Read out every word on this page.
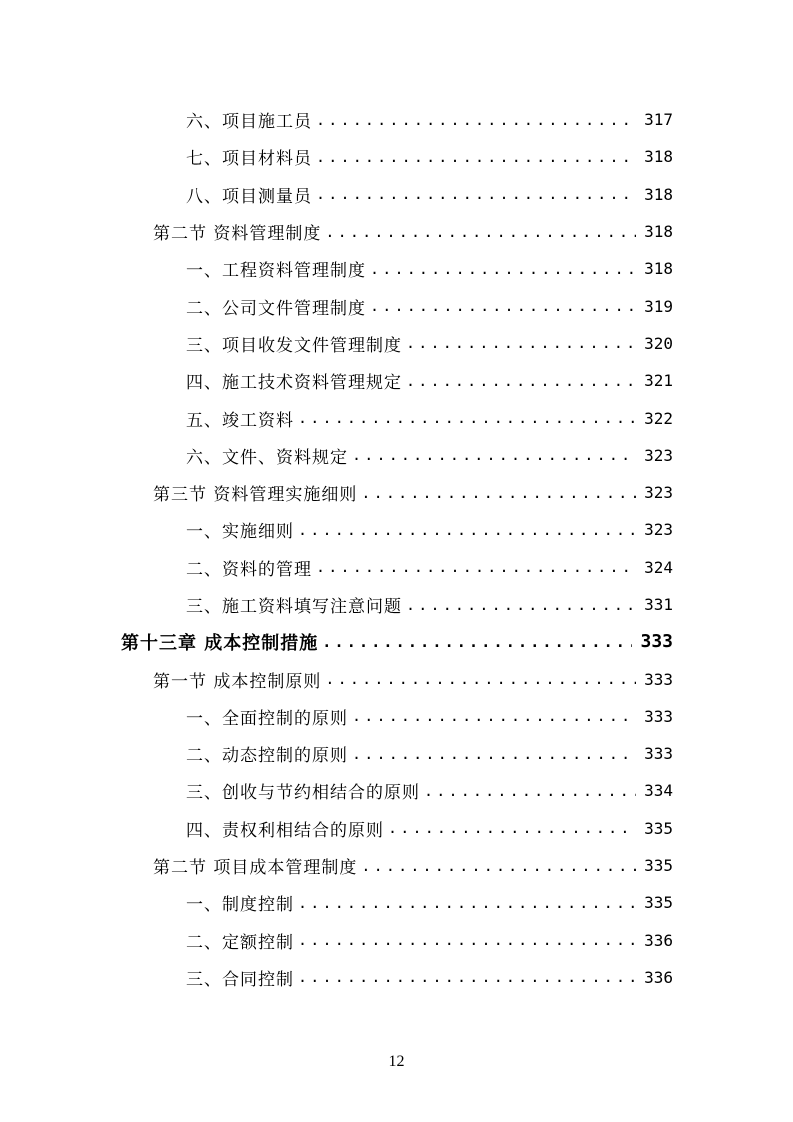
六、项目施工员 .....	317
七、项目材料员 .....	318
八、项目测量员 .....	318
第二节 资料管理制度 .....	318
一、工程资料管理制度 .....	318
二、公司文件管理制度 .....	319
三、项目收发文件管理制度 .....	320
四、施工技术资料管理规定 .....	321
五、竣工资料 .....	322
六、文件、资料规定 .....	323
第三节 资料管理实施细则 .....	323
一、实施细则 .....	323
二、资料的管理 .....	324
三、施工资料填写注意问题 .....	331
第十三章 成本控制措施 .....	333
第一节 成本控制原则 .....	333
一、全面控制的原则 .....	333
二、动态控制的原则 .....	333
三、创收与节约相结合的原则 .....	334
四、责权利相结合的原则 .....	335
第二节 项目成本管理制度 .....	335
一、制度控制 .....	335
二、定额控制 .....	336
三、合同控制 .....	336
12
